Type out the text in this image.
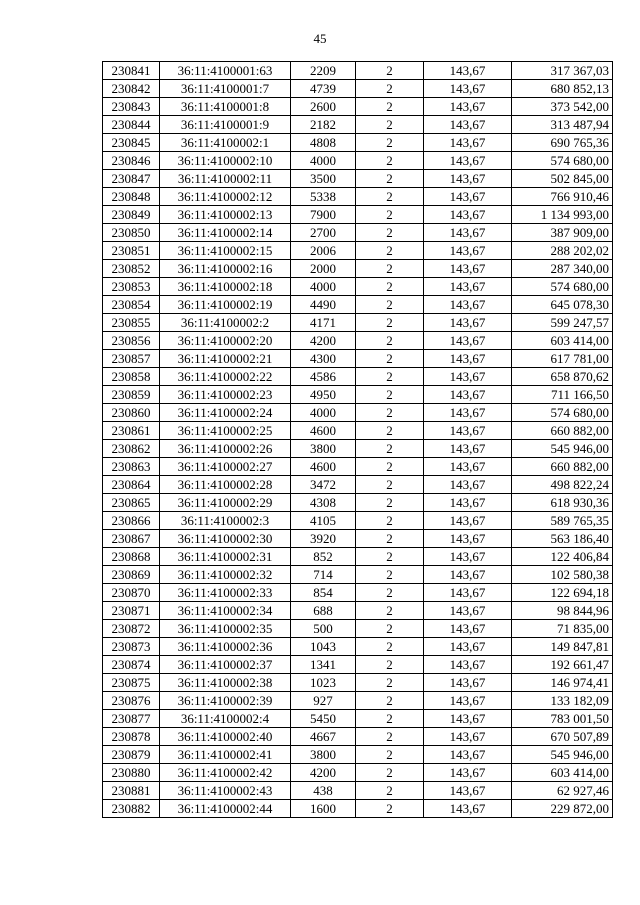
45
230841	36:11:4100001:63	2209	2	143,67	317 367,03
230842	36:11:4100001:7	4739	2	143,67	680 852,13
230843	36:11:4100001:8	2600	2	143,67	373 542,00
230844	36:11:4100001:9	2182	2	143,67	313 487,94
230845	36:11:4100002:1	4808	2	143,67	690 765,36
230846	36:11:4100002:10	4000	2	143,67	574 680,00
230847	36:11:4100002:11	3500	2	143,67	502 845,00
230848	36:11:4100002:12	5338	2	143,67	766 910,46
230849	36:11:4100002:13	7900	2	143,67	1 134 993,00
230850	36:11:4100002:14	2700	2	143,67	387 909,00
230851	36:11:4100002:15	2006	2	143,67	288 202,02
230852	36:11:4100002:16	2000	2	143,67	287 340,00
230853	36:11:4100002:18	4000	2	143,67	574 680,00
230854	36:11:4100002:19	4490	2	143,67	645 078,30
230855	36:11:4100002:2	4171	2	143,67	599 247,57
230856	36:11:4100002:20	4200	2	143,67	603 414,00
230857	36:11:4100002:21	4300	2	143,67	617 781,00
230858	36:11:4100002:22	4586	2	143,67	658 870,62
230859	36:11:4100002:23	4950	2	143,67	711 166,50
230860	36:11:4100002:24	4000	2	143,67	574 680,00
230861	36:11:4100002:25	4600	2	143,67	660 882,00
230862	36:11:4100002:26	3800	2	143,67	545 946,00
230863	36:11:4100002:27	4600	2	143,67	660 882,00
230864	36:11:4100002:28	3472	2	143,67	498 822,24
230865	36:11:4100002:29	4308	2	143,67	618 930,36
230866	36:11:4100002:3	4105	2	143,67	589 765,35
230867	36:11:4100002:30	3920	2	143,67	563 186,40
230868	36:11:4100002:31	852	2	143,67	122 406,84
230869	36:11:4100002:32	714	2	143,67	102 580,38
230870	36:11:4100002:33	854	2	143,67	122 694,18
230871	36:11:4100002:34	688	2	143,67	98 844,96
230872	36:11:4100002:35	500	2	143,67	71 835,00
230873	36:11:4100002:36	1043	2	143,67	149 847,81
230874	36:11:4100002:37	1341	2	143,67	192 661,47
230875	36:11:4100002:38	1023	2	143,67	146 974,41
230876	36:11:4100002:39	927	2	143,67	133 182,09
230877	36:11:4100002:4	5450	2	143,67	783 001,50
230878	36:11:4100002:40	4667	2	143,67	670 507,89
230879	36:11:4100002:41	3800	2	143,67	545 946,00
230880	36:11:4100002:42	4200	2	143,67	603 414,00
230881	36:11:4100002:43	438	2	143,67	62 927,46
230882	36:11:4100002:44	1600	2	143,67	229 872,00
